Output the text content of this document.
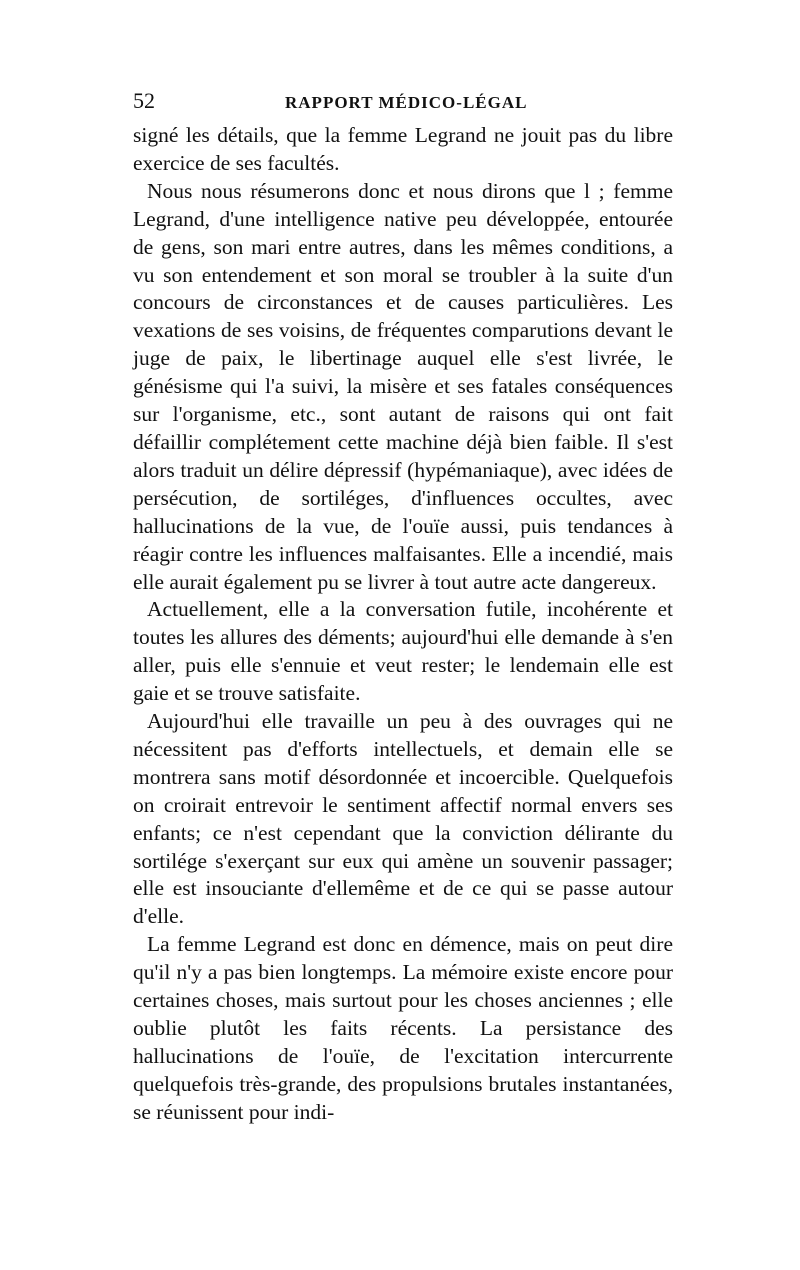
52	RAPPORT MÉDICO-LÉGAL

signé les détails, que la femme Legrand ne jouit pas du libre exercice de ses facultés.

Nous nous résumerons donc et nous dirons que l ; femme Legrand, d'une intelligence native peu développée, entourée de gens, son mari entre autres, dans les mêmes conditions, a vu son entendement et son moral se troubler à la suite d'un concours de circonstances et de causes particulières. Les vexations de ses voisins, de fréquentes comparutions devant le juge de paix, le libertinage auquel elle s'est livrée, le génésisme qui l'a suivi, la misère et ses fatales conséquences sur l'organisme, etc., sont autant de raisons qui ont fait défaillir complétement cette machine déjà bien faible. Il s'est alors traduit un délire dépressif (hypémaniaque), avec idées de persécution, de sortiléges, d'influences occultes, avec hallucinations de la vue, de l'ouïe aussi, puis tendances à réagir contre les influences malfaisantes. Elle a incendié, mais elle aurait également pu se livrer à tout autre acte dangereux.

Actuellement, elle a la conversation futile, incohérente et toutes les allures des déments; aujourd'hui elle demande à s'en aller, puis elle s'ennuie et veut rester; le lendemain elle est gaie et se trouve satisfaite.

Aujourd'hui elle travaille un peu à des ouvrages qui ne nécessitent pas d'efforts intellectuels, et demain elle se montrera sans motif désordonnée et incoercible. Quelquefois on croirait entrevoir le sentiment affectif normal envers ses enfants; ce n'est cependant que la conviction délirante du sortilége s'exerçant sur eux qui amène un souvenir passager; elle est insouciante d'ellemême et de ce qui se passe autour d'elle.

La femme Legrand est donc en démence, mais on peut dire qu'il n'y a pas bien longtemps. La mémoire existe encore pour certaines choses, mais surtout pour les choses anciennes ; elle oublie plutôt les faits récents. La persistance des hallucinations de l'ouïe, de l'excitation intercurrente quelquefois très-grande, des propulsions brutales instantanées, se réunissent pour indi-
